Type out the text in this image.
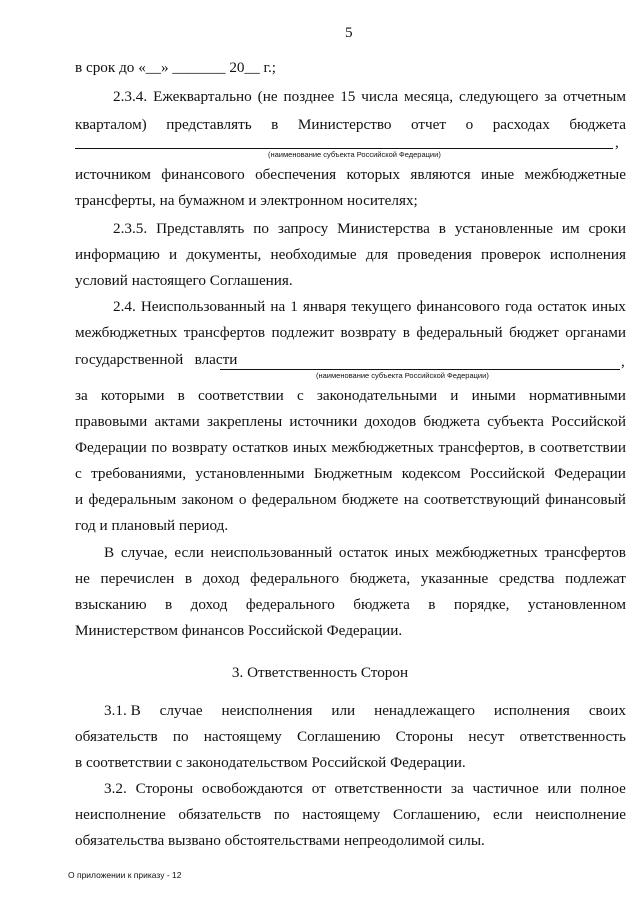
5
в срок до «__» _______ 20__ г.;
2.3.4. Ежеквартально (не позднее 15 числа месяца, следующего за отчетным
кварталом) представлять в Министерство отчет о расходах бюджета
,
(наименование субъекта Российской Федерации)
источником финансового обеспечения которых являются иные межбюджетные
трансферты, на бумажном и электронном носителях;
2.3.5. Представлять по запросу Министерства в установленные им сроки
информацию и документы, необходимые для проведения проверок исполнения
условий настоящего Соглашения.
2.4. Неиспользованный на 1 января текущего финансового года остаток иных
межбюджетных трансфертов подлежит возврату в федеральный бюджет органами
государственной   власти	,
(наименование субъекта Российской Федерации)
за которыми в соответствии с законодательными и иными нормативными
правовыми актами закреплены источники доходов бюджета субъекта Российской
Федерации по возврату остатков иных межбюджетных трансфертов, в соответствии
с требованиями, установленными Бюджетным кодексом Российской Федерации
и федеральным законом о федеральном бюджете на соответствующий финансовый
год и плановый период.
В случае, если неиспользованный остаток иных межбюджетных трансфертов
не перечислен в доход федерального бюджета, указанные средства подлежат
взысканию в доход федерального бюджета в порядке, установленном
Министерством финансов Российской Федерации.
3. Ответственность Сторон
3.1. В случае неисполнения или ненадлежащего исполнения своих
обязательств по настоящему Соглашению Стороны несут ответственность
в соответствии с законодательством Российской Федерации.
3.2. Стороны освобождаются от ответственности за частичное или полное
неисполнение обязательств по настоящему Соглашению, если неисполнение
обязательства вызвано обстоятельствами непреодолимой силы.
О приложении к приказу - 12
